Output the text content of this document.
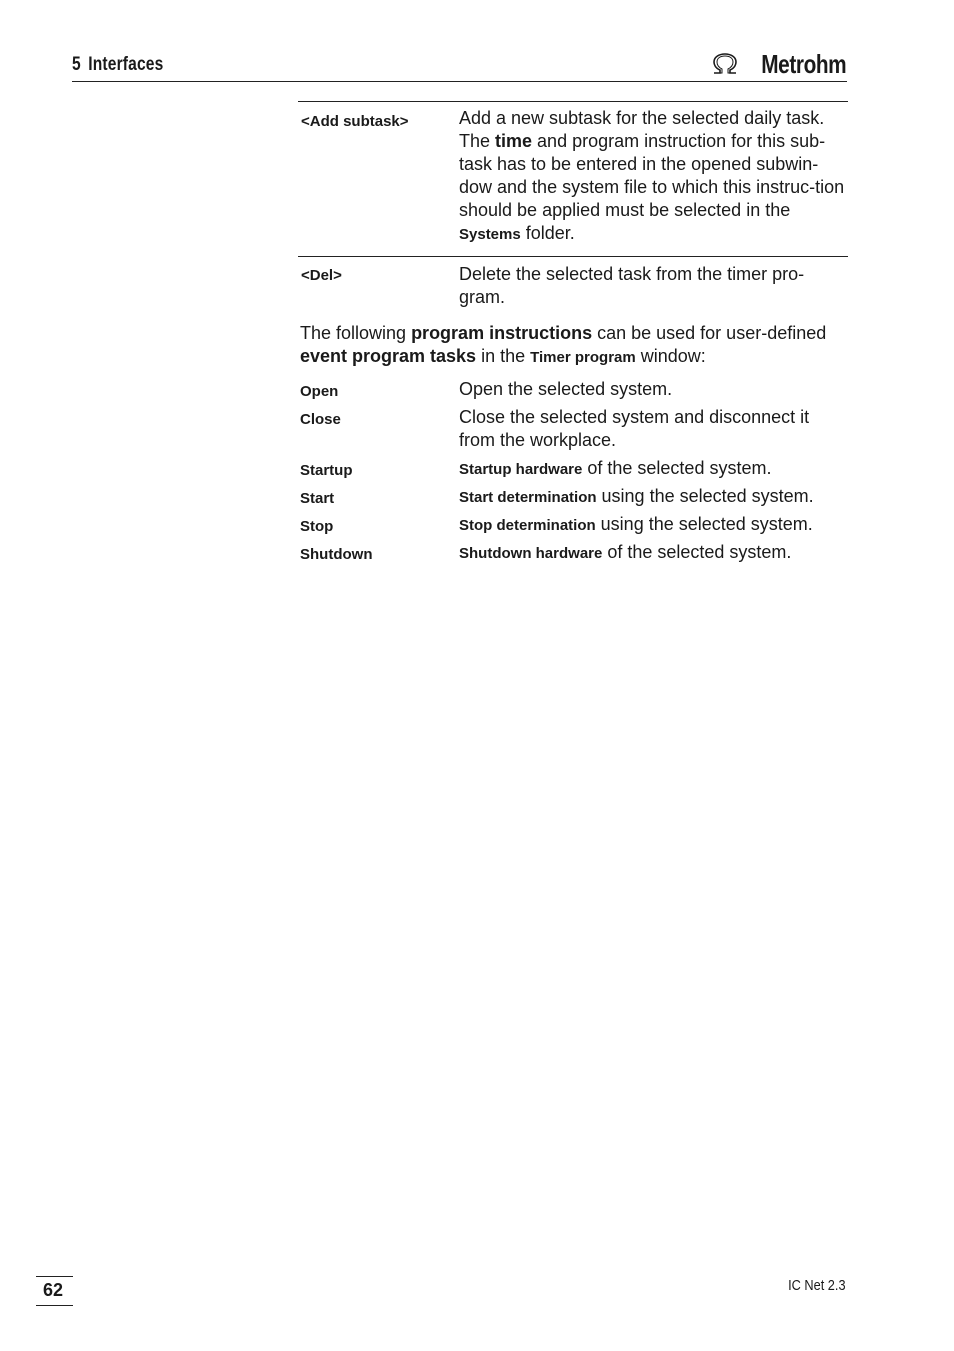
5 Interfaces	Metrohm
<Add subtask>	Add a new subtask for the selected daily task. The time and program instruction for this sub-task has to be entered in the opened subwin-dow and the system file to which this instruc-tion should be applied must be selected in the Systems folder.
<Del>	Delete the selected task from the timer pro-gram.
The following program instructions can be used for user-defined event program tasks in the Timer program window:
Open	Open the selected system.
Close	Close the selected system and disconnect it from the workplace.
Startup	Startup hardware of the selected system.
Start	Start determination using the selected system.
Stop	Stop determination using the selected system.
Shutdown	Shutdown hardware of the selected system.
62	IC Net 2.3
